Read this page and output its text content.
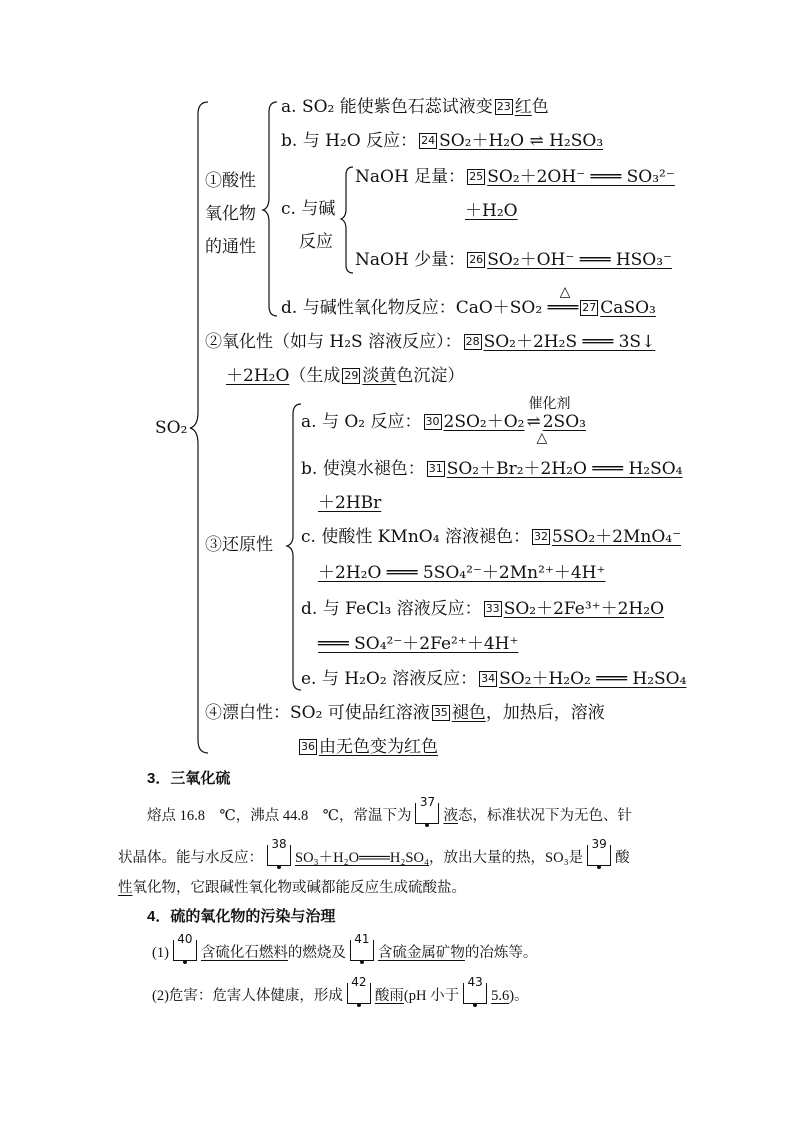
SO₂
①酸性
氧化物
的通性
a. SO₂ 能使紫色石蕊试液变 23 红色
b. 与 H₂O 反应： 24 SO₂＋H₂O ⇌ H₂SO₃
c. 与碱
反应
NaOH 足量： 25 SO₂＋2OH⁻ ═══ SO₃²⁻
＋H₂O
NaOH 少量： 26 SO₂＋OH⁻ ═══ HSO₃⁻
d. 与碱性氧化物反应：CaO＋SO₂
△
═══ 27 CaSO₃
②氧化性（如与 H₂S 溶液反应）： 28 SO₂＋2H₂S ═══ 3S↓
＋2H₂O（生成 29 淡黄色沉淀）
③还原性
a. 与 O₂ 反应： 30 2SO₂＋O₂
催化剂
⇌
△
2SO₃
b. 使溴水褪色： 31 SO₂＋Br₂＋2H₂O ═══ H₂SO₄
＋2HBr
c. 使酸性 KMnO₄ 溶液褪色： 32 5SO₂＋2MnO₄⁻
＋2H₂O ═══ 5SO₄²⁻＋2Mn²⁺＋4H⁺
d. 与 FeCl₃ 溶液反应： 33 SO₂＋2Fe³⁺＋2H₂O
═══ SO₄²⁻＋2Fe²⁺＋4H⁺
e. 与 H₂O₂ 溶液反应： 34 SO₂＋H₂O₂ ═══ H₂SO₄
④漂白性：SO₂ 可使品红溶液 35 褪色，加热后，溶液
36 由无色变为红色
3．三氧化硫
熔点 16.8　℃，沸点 44.8　℃，常温下为
37
液态，标准状况下为无色、针
状晶体。能与水反应：
38
SO₃＋H₂O═══H₂SO₄，放出大量的热，SO₃是
39
酸
性氧化物，它跟碱性氧化物或碱都能反应生成硫酸盐。
4．硫的氧化物的污染与治理
(1)
40
含硫化石燃料的燃烧及
41
含硫金属矿物的冶炼等。
(2)危害：危害人体健康，形成
42
酸雨(pH 小于
43
5.6)。
